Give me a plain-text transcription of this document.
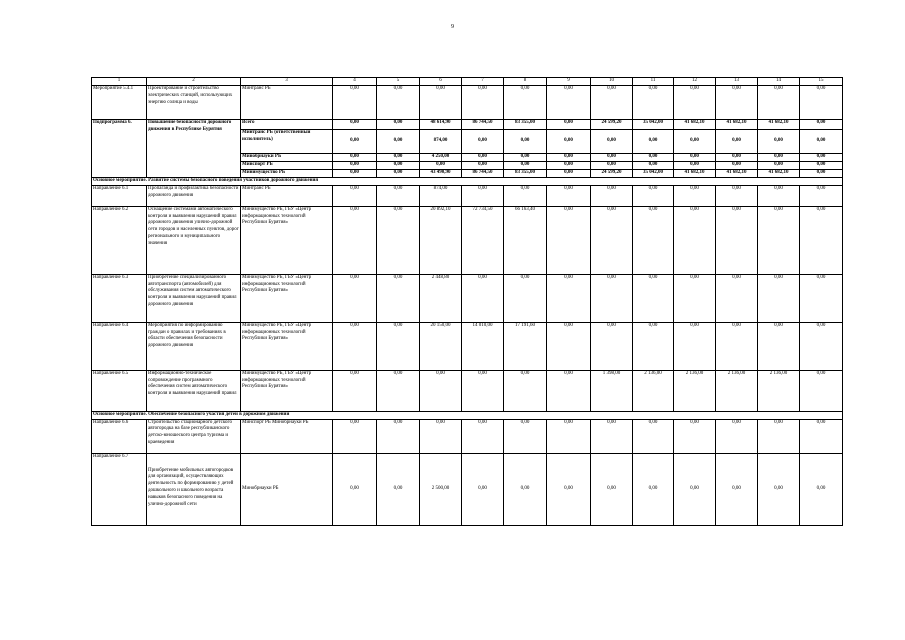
9
1	2	3	4	5	6	7	8	9	10	11	12	13	14	15
Мероприятие 5.4.1	Проектирование и строительство электрических станций, использующих энергию солнца и воды	Минтранс РБ	0,00	0,00	0,00	0,00	0,00	0,00	0,00	0,00	0,00	0,00	0,00	0,00
Подпрограмма 6.	Повышение безопасности дорожного движения в Республике Бурятия	Всего	0,00	0,00	48 614,90	86 744,50	83 355,00	0,00	24 599,20	35 042,00	41 682,10	41 682,10	41 682,10	0,00
		Минтранс РБ (ответственный исполнитель)	0,00	0,00	874,00	0,00	0,00	0,00	0,00	0,00	0,00	0,00	0,00	0,00
		Минобрнауки РБ	0,00	0,00	4 250,00	0,00	0,00	0,00	0,00	0,00	0,00	0,00	0,00	0,00
		Минспорт РБ	0,00	0,00	0,00	0,00	0,00	0,00	0,00	0,00	0,00	0,00	0,00	0,00
		Минимущество РБ	0,00	0,00	43 490,90	86 744,50	83 355,00	0,00	24 599,20	35 042,00	41 682,10	41 682,10	41 682,10	0,00
Основное мероприятие. Развитие системы безопасного поведения участников дорожного движения														
Направление 6.1	Пропаганда и профилактика безопасности дорожного движения	Минтранс РБ	0,00	0,00	874,00	0,00	0,00	0,00	0,00	0,00	0,00	0,00	0,00	0,00
Направление 6.2	Оснащение системами автоматического контроля и выявления нарушений правил дорожного движения улично-дорожной сети городов и населенных пунктов, дорог регионального и муниципального значения	Минимущество РБ, ГБУ «Центр информационных технологий Республики Бурятия»	0,00	0,00	20 892,10	72 734,50	66 163,40	0,00	0,00	0,00	0,00	0,00	0,00	0,00
Направление 6.3	Приобретение специализированного автотранспорта (автомобилей) для обслуживания систем автоматического контроля и выявления нарушений правил дорожного движения	Минимущество РБ, ГБУ «Центр информационных технологий Республики Бурятия»	0,00	0,00	2 448,80	0,00	0,00	0,00	0,00	0,00	0,00	0,00	0,00	0,00
Направление 6.4	Мероприятия по информированию граждан о правилах и требованиях в области обеспечения безопасности дорожного движения	Минимущество РБ, ГБУ «Центр информационных технологий Республики Бурятия»	0,00	0,00	20 150,00	14 010,00	17 191,60	0,00	0,00	0,00	0,00	0,00	0,00	0,00
Направление 6.5	Информационно-техническое сопровождение программного обеспечения систем автоматического контроля и выявления нарушений правил	Минимущество РБ, ГБУ «Центр информационных технологий Республики Бурятия»	0,00	0,00	0,00	0,00	0,00	0,00	1 398,00	2 136,00	2 136,00	2 136,00	2 136,00	0,00
Основное мероприятие. Обеспечение безопасного участия детей в дорожном движении														
Направление 6.6	Строительство стационарного детского автогородка на базе республиканского детско-юношеского центра туризма и краеведения	Минспорт РБ Минобрнауки РБ	0,00	0,00	0,00	0,00	0,00	0,00	0,00	0,00	0,00	0,00	0,00	0,00
Направление 6.7	Приобретение мобильных автогородков для организаций, осуществляющих деятельность по формированию у детей дошкольного и школьного возраста навыков безопасного поведения на улично-дорожной сети	Минобрнауки РБ	0,00	0,00	2 500,00	0,00	0,00	0,00	0,00	0,00	0,00	0,00	0,00	0,00
